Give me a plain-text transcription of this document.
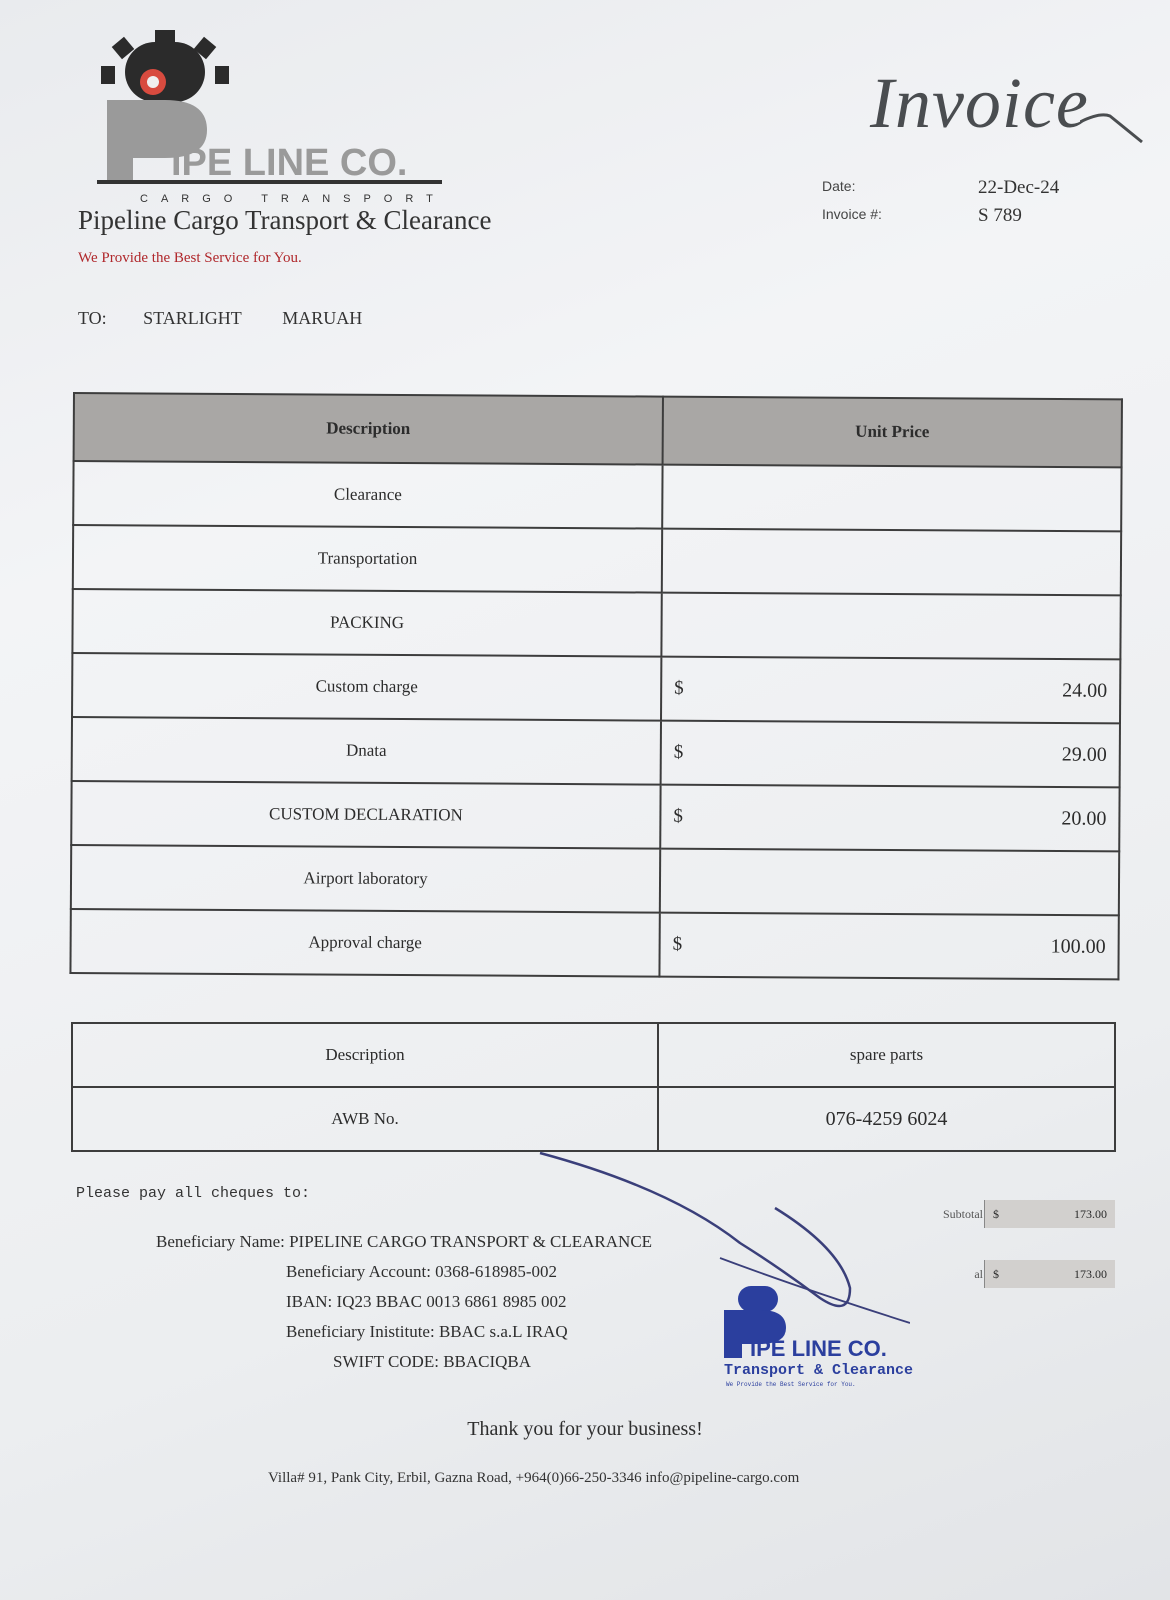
IPE LINE CO.
CARGO TRANSPORT
Pipeline Cargo Transport & Clearance
We Provide the Best Service for You.
Invoice
Date:	22-Dec-24
Invoice #:	S 789
TO: STARLIGHT MARUAH
Description	Unit Price
Clearance	

Transportation	

PACKING	

Custom charge	$ 24.00

Dnata	$ 29.00

CUSTOM DECLARATION	$ 20.00

Airport laboratory	

Approval charge	$ 100.00
Description	spare parts
AWB No.	076-4259 6024
Please pay all cheques to:
Beneficiary Name: PIPELINE CARGO TRANSPORT & CLEARANCE
Beneficiary Account: 0368-618985-002
IBAN: IQ23 BBAC 0013 6861 8985 002
Beneficiary Inistitute: BBAC s.a.L IRAQ
SWIFT CODE: BBACIQBA
Subtotal $	173.00
al $	173.00
IPE LINE CO.
Transport & Clearance
We Provide the Best Service for You.
Thank you for your business!
Villa# 91, Pank City, Erbil, Gazna Road, +964(0)66-250-3346 info@pipeline-cargo.com
